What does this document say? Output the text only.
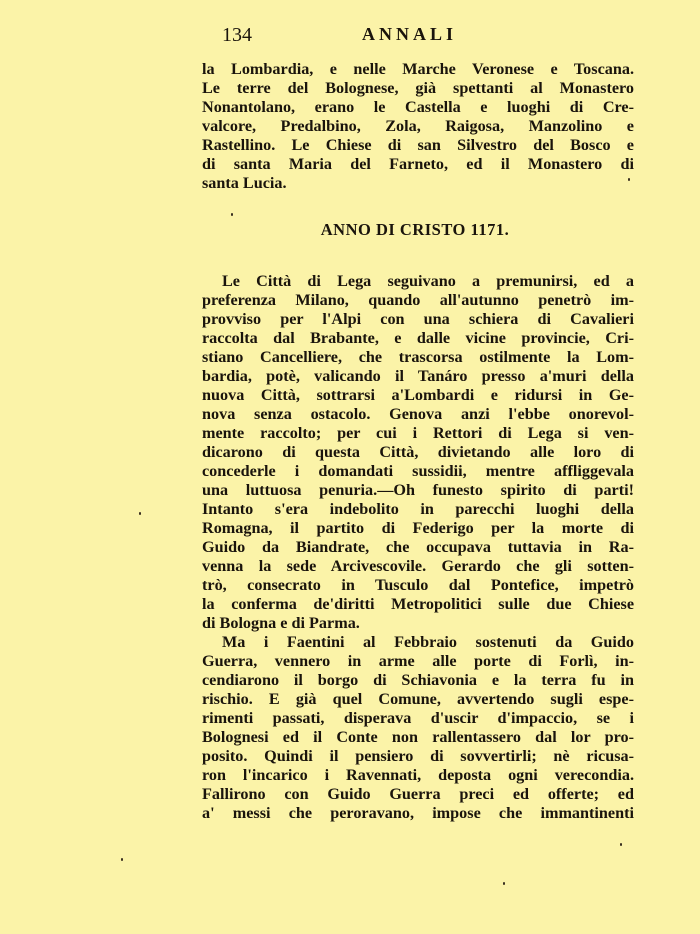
134	ANNALI
la Lombardia, e nelle Marche Veronese e Toscana.
Le terre del Bolognese, già spettanti al Monastero
Nonantolano, erano le Castella e luoghi di Cre-
valcore, Predalbino, Zola, Raigosa, Manzolino e
Rastellino. Le Chiese di san Silvestro del Bosco e
di santa Maria del Farneto, ed il Monastero di
santa Lucia.
ANNO DI CRISTO 1171.
Le Città di Lega seguivano a premunirsi, ed a
preferenza Milano, quando all'autunno penetrò im-
provviso per l'Alpi con una schiera di Cavalieri
raccolta dal Brabante, e dalle vicine provincie, Cri-
stiano Cancelliere, che trascorsa ostilmente la Lom-
bardia, potè, valicando il Tanáro presso a'muri della
nuova Città, sottrarsi a'Lombardi e ridursi in Ge-
nova senza ostacolo. Genova anzi l'ebbe onorevol-
mente raccolto; per cui i Rettori di Lega si ven-
dicarono di questa Città, divietando alle loro di
concederle i domandati sussidii, mentre affliggevala
una luttuosa penuria.—Oh funesto spirito di parti!
Intanto s'era indebolito in parecchi luoghi della
Romagna, il partito di Federigo per la morte di
Guido da Biandrate, che occupava tuttavia in Ra-
venna la sede Arcivescovile. Gerardo che gli sotten-
trò, consecrato in Tusculo dal Pontefice, impetrò
la conferma de'diritti Metropolitici sulle due Chiese
di Bologna e di Parma.
Ma i Faentini al Febbraio sostenuti da Guido
Guerra, vennero in arme alle porte di Forlì, in-
cendiarono il borgo di Schiavonia e la terra fu in
rischio. E già quel Comune, avvertendo sugli espe-
rimenti passati, disperava d'uscir d'impaccio, se i
Bolognesi ed il Conte non rallentassero dal lor pro-
posito. Quindi il pensiero di sovvertirli; nè ricusa-
ron l'incarico i Ravennati, deposta ogni verecondia.
Fallirono con Guido Guerra preci ed offerte; ed
a' messi che peroravano, impose che immantinenti
